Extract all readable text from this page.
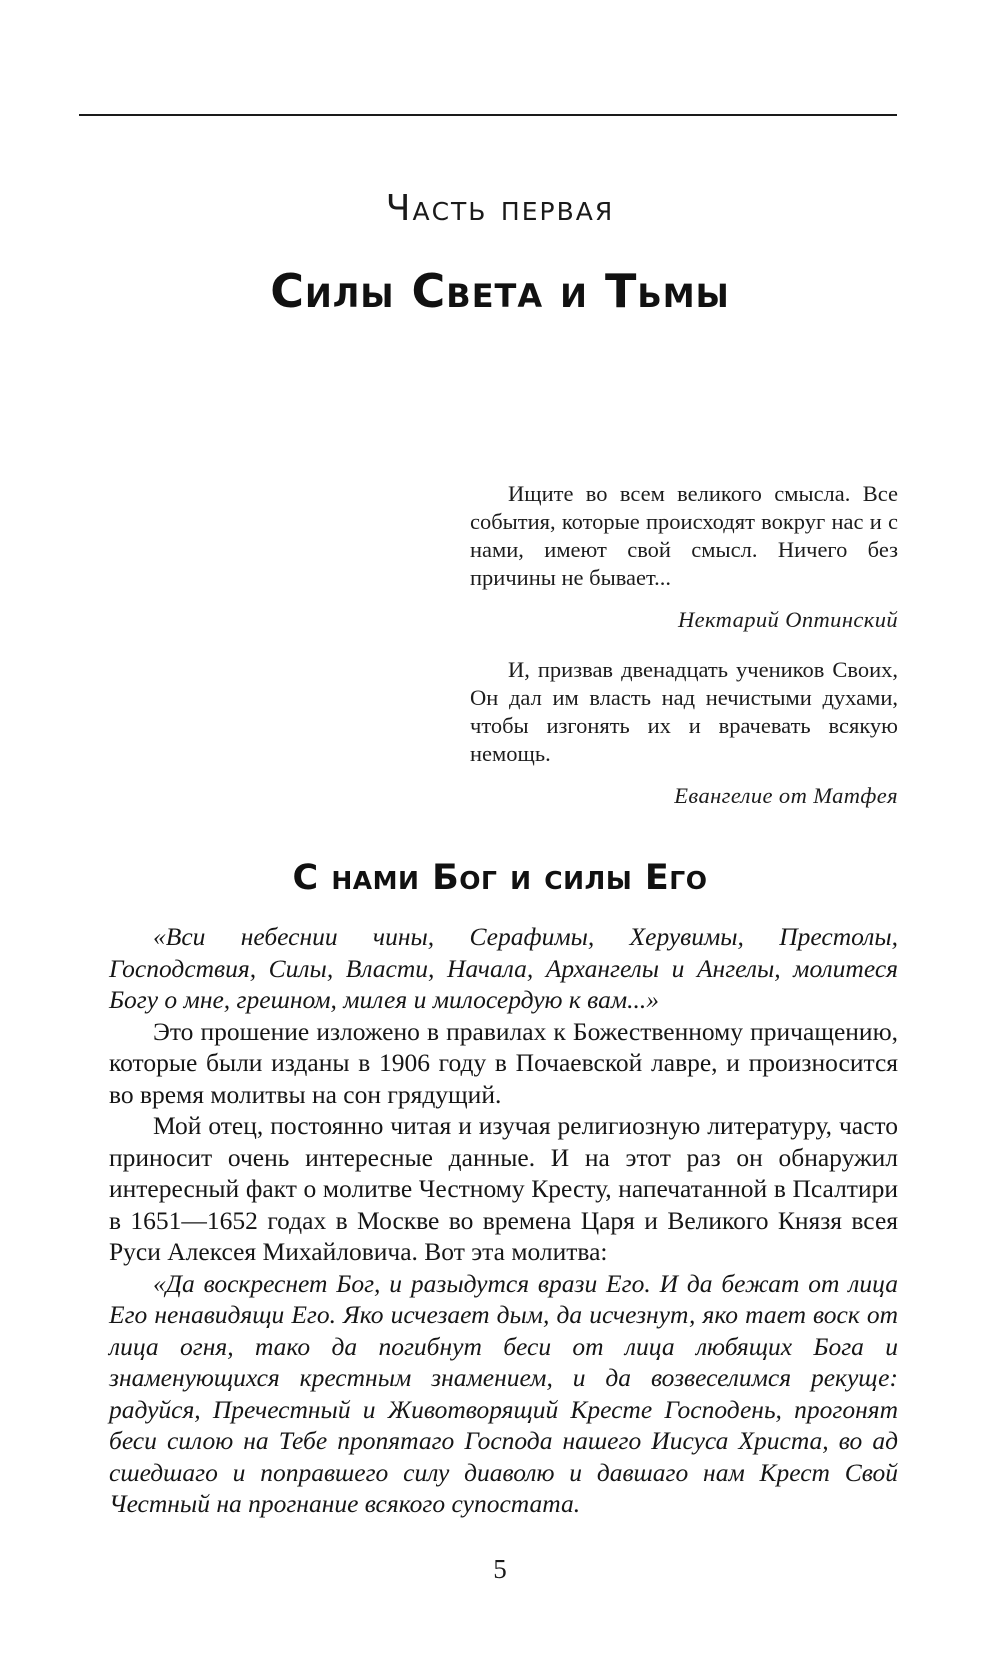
Часть первая
Силы Света и Тьмы

Ищите во всем великого смысла. Все события, которые происходят вокруг нас и с нами, имеют свой смысл. Ничего без причины не бывает...

Нектарий Оптинский

И, призвав двенадцать учеников Своих, Он дал им власть над нечистыми духами, чтобы изгонять их и врачевать всякую немощь.

Евангелие от Матфея

С нами Бог и силы Его

«Вси небеснии чины, Серафимы, Херувимы, Престолы, Господствия, Силы, Власти, Начала, Архангелы и Ангелы, молитеся Богу о мне, грешном, милея и милосердую к вам...»

Это прошение изложено в правилах к Божественному причащению, которые были изданы в 1906 году в Почаевской лавре, и произносится во время молитвы на сон грядущий.

Мой отец, постоянно читая и изучая религиозную литературу, часто приносит очень интересные данные. И на этот раз он обнаружил интересный факт о молитве Честному Кресту, напечатанной в Псалтири в 1651—1652 годах в Москве во времена Царя и Великого Князя всея Руси Алексея Михайловича. Вот эта молитва:

«Да воскреснет Бог, и разыдутся врази Его. И да бежат от лица Его ненавидящи Его. Яко исчезает дым, да исчезнут, яко тает воск от лица огня, тако да погибнут беси от лица любящих Бога и знаменующихся крестным знамением, и да возвеселимся рекуще: радуйся, Пречестный и Животворящий Кресте Господень, прогонят беси силою на Тебе пропятаго Господа нашего Иисуса Христа, во ад сшедшаго и поправшего силу диаволю и давшаго нам Крест Свой Честный на прогнание всякого супостата.

5
